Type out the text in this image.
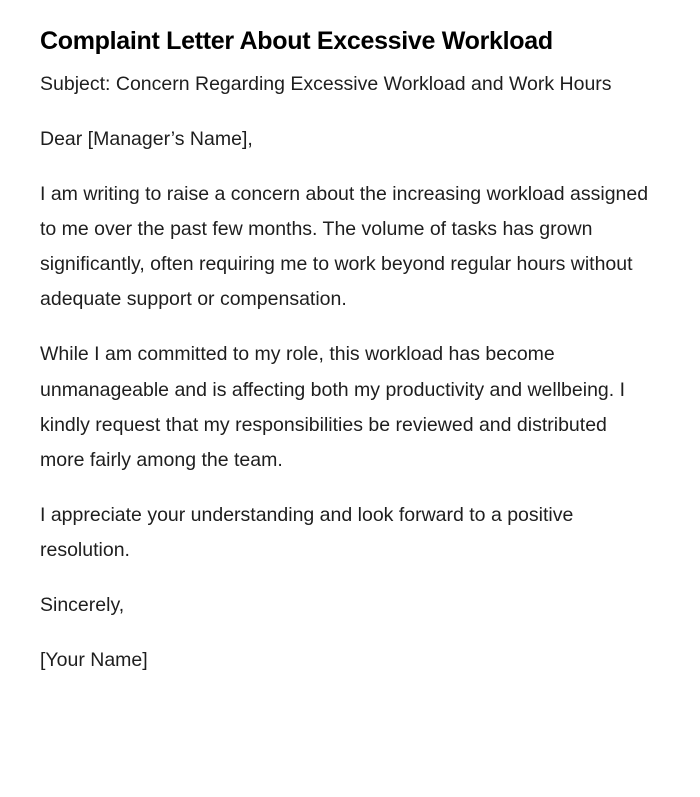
Complaint Letter About Excessive Workload

Subject: Concern Regarding Excessive Workload and Work Hours

Dear [Manager’s Name],

I am writing to raise a concern about the increasing workload assigned to me over the past few months. The volume of tasks has grown significantly, often requiring me to work beyond regular hours without adequate support or compensation.

While I am committed to my role, this workload has become unmanageable and is affecting both my productivity and wellbeing. I kindly request that my responsibilities be reviewed and distributed more fairly among the team.

I appreciate your understanding and look forward to a positive resolution.

Sincerely,

[Your Name]
